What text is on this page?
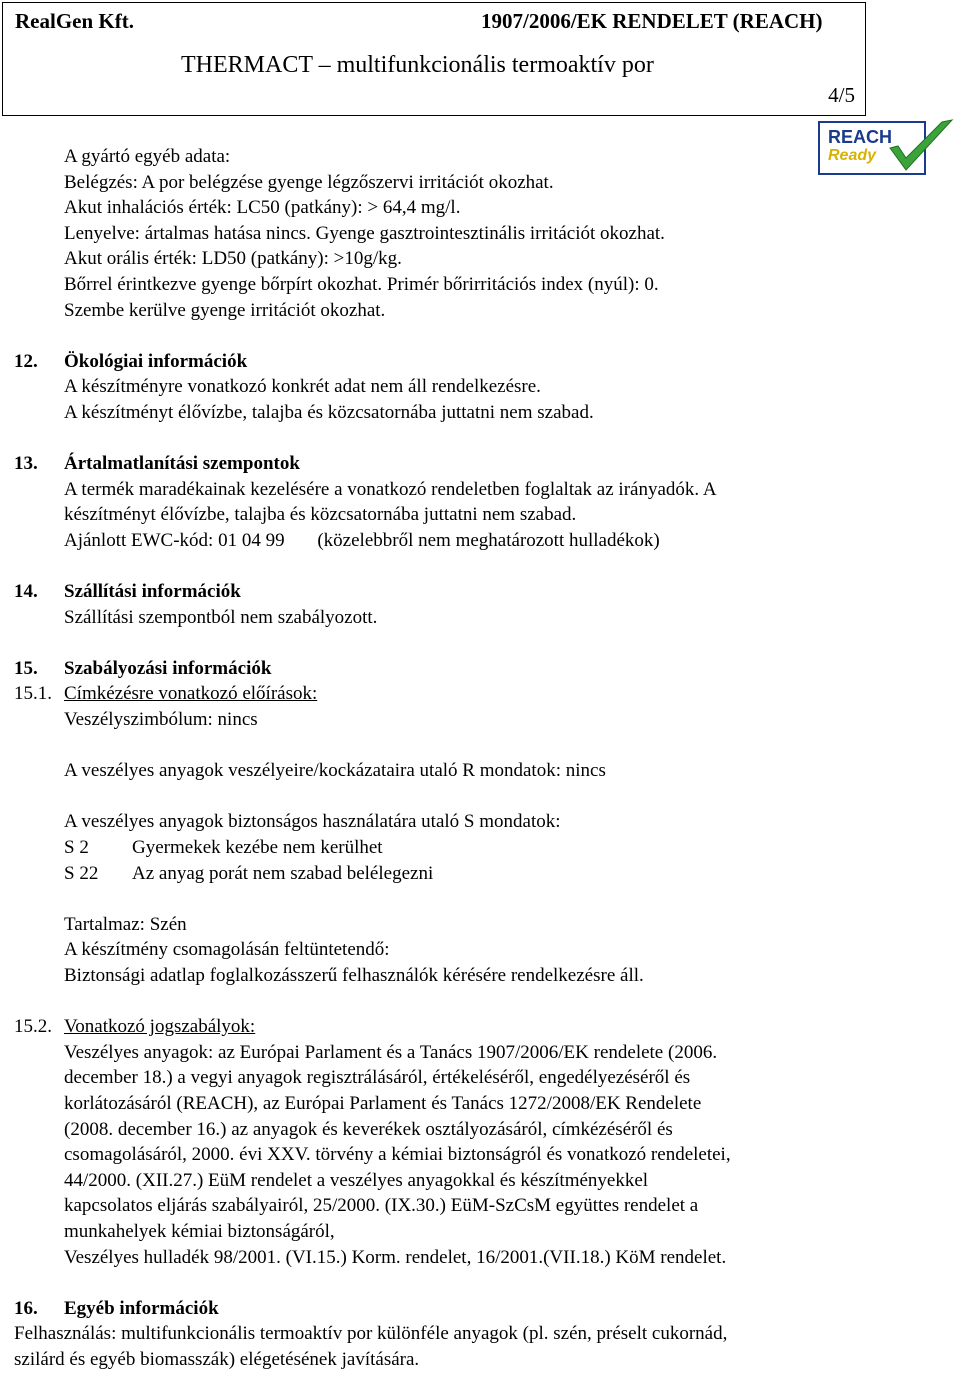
RealGen Kft.	1907/2006/EK RENDELET (REACH)
THERMACT – multifunkcionális termoaktív por
4/5
REACH
Ready
A gyártó egyéb adata:
Belégzés: A por belégzése gyenge légzőszervi irritációt okozhat.
Akut inhalációs érték: LC50 (patkány): > 64,4 mg/l.
Lenyelve: ártalmas hatása nincs. Gyenge gasztrointesztinális irritációt okozhat.
Akut orális érték: LD50 (patkány): >10g/kg.
Bőrrel érintkezve gyenge bőrpírt okozhat. Primér bőrirritációs index (nyúl): 0.
Szembe kerülve gyenge irritációt okozhat.
12.	Ökológiai információk
A készítményre vonatkozó konkrét adat nem áll rendelkezésre.
A készítményt élővízbe, talajba és közcsatornába juttatni nem szabad.
13.	Ártalmatlanítási szempontok
A termék maradékainak kezelésére a vonatkozó rendeletben foglaltak az irányadók. A
készítményt élővízbe, talajba és közcsatornába juttatni nem szabad.
Ajánlott EWC-kód: 01 04 99 (közelebbről nem meghatározott hulladékok)
14.	Szállítási információk
Szállítási szempontból nem szabályozott.
15.	Szabályozási információk
15.1. Címkézésre vonatkozó előírások:
Veszélyszimbólum: nincs
A veszélyes anyagok veszélyeire/kockázataira utaló R mondatok: nincs
A veszélyes anyagok biztonságos használatára utaló S mondatok:
S 2	Gyermekek kezébe nem kerülhet
S 22	Az anyag porát nem szabad belélegezni
Tartalmaz: Szén
A készítmény csomagolásán feltüntetendő:
Biztonsági adatlap foglalkozásszerű felhasználók kérésére rendelkezésre áll.
15.2. Vonatkozó jogszabályok:
Veszélyes anyagok: az Európai Parlament és a Tanács 1907/2006/EK rendelete (2006.
december 18.) a vegyi anyagok regisztrálásáról, értékeléséről, engedélyezéséről és
korlátozásáról (REACH), az Európai Parlament és Tanács 1272/2008/EK Rendelete
(2008. december 16.) az anyagok és keverékek osztályozásáról, címkézéséről és
csomagolásáról, 2000. évi XXV. törvény a kémiai biztonságról és vonatkozó rendeletei,
44/2000. (XII.27.) EüM rendelet a veszélyes anyagokkal és készítményekkel
kapcsolatos eljárás szabályairól, 25/2000. (IX.30.) EüM-SzCsM együttes rendelet a
munkahelyek kémiai biztonságáról,
Veszélyes hulladék 98/2001. (VI.15.) Korm. rendelet, 16/2001.(VII.18.) KöM rendelet.
16.	Egyéb információk
Felhasználás: multifunkcionális termoaktív por különféle anyagok (pl. szén, préselt cukornád,
szilárd és egyéb biomasszák) elégetésének javítására.
